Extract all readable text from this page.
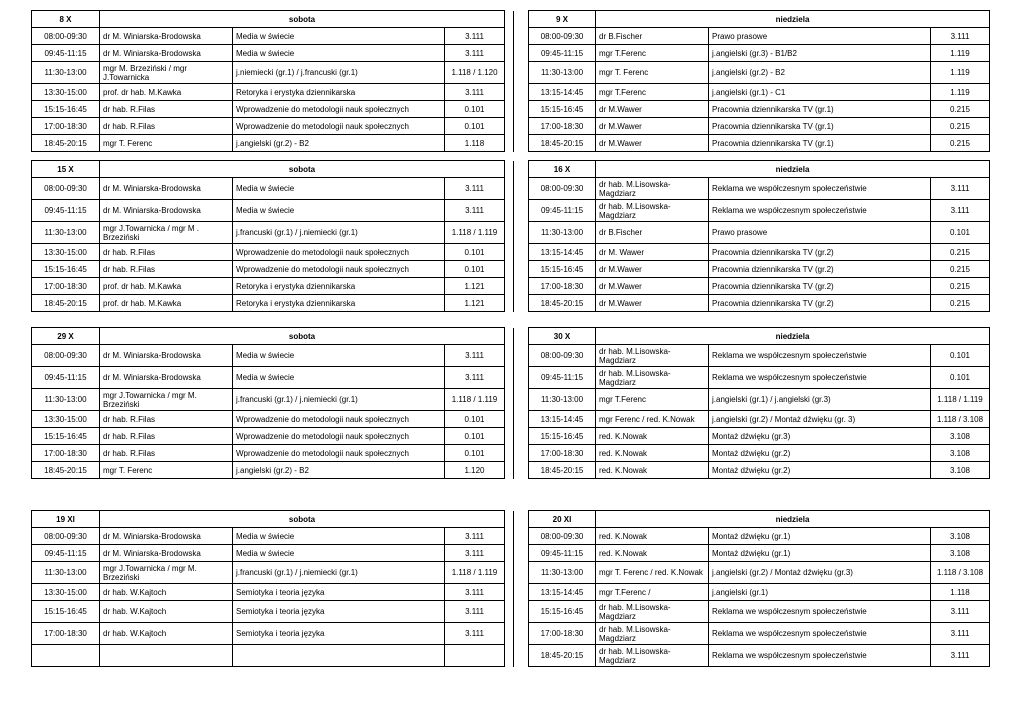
8 X	sobota			
08:00-09:30	dr M. Winiarska-Brodowska	Media w świecie	3.111	
09:45-11:15	dr M. Winiarska-Brodowska	Media w świecie	3.111	
11:30-13:00	mgr M. Brzeziński / mgr J.Towarnicka	j.niemiecki (gr.1) / j.francuski (gr.1)	1.118 / 1.120	
13:30-15:00	prof. dr hab. M.Kawka	Retoryka i erystyka dziennikarska	3.111	
15:15-16:45	dr hab. R.Filas	Wprowadzenie do metodologii nauk społecznych	0.101	
17:00-18:30	dr hab. R.Filas	Wprowadzenie do metodologii nauk społecznych	0.101	
18:45-20:15	mgr T. Ferenc	j.angielski (gr.2) - B2	1.118	
9 X	niedziela		
08:00-09:30	dr B.Fischer	Prawo prasowe	3.111
09:45-11:15	mgr T.Ferenc	j.angielski (gr.3) - B1/B2	1.119
11:30-13:00	mgr T. Ferenc	j.angielski (gr.2) - B2	1.119
13:15-14:45	mgr T.Ferenc	j.angielski (gr.1) - C1	1.119
15:15-16:45	dr M.Wawer	Pracownia dziennikarska TV (gr.1)	0.215
17:00-18:30	dr M.Wawer	Pracownia dziennikarska TV (gr.1)	0.215
18:45-20:15	dr M.Wawer	Pracownia dziennikarska TV (gr.1)	0.215
15 X	sobota			
08:00-09:30	dr M. Winiarska-Brodowska	Media w świecie	3.111	
09:45-11:15	dr M. Winiarska-Brodowska	Media w świecie	3.111	
11:30-13:00	mgr J.Towarnicka / mgr M . Brzeziński	j.francuski (gr.1) / j.niemiecki (gr.1)	1.118 / 1.119	
13:30-15:00	dr hab. R.Filas	Wprowadzenie do metodologii nauk społecznych	0.101	
15:15-16:45	dr hab. R.Filas	Wprowadzenie do metodologii nauk społecznych	0.101	
17:00-18:30	prof. dr hab. M.Kawka	Retoryka i erystyka dziennikarska	1.121	
18:45-20:15	prof. dr hab. M.Kawka	Retoryka i erystyka dziennikarska	1.121	
16 X	niedziela		
08:00-09:30	dr hab. M.Lisowska-Magdziarz	Reklama we współczesnym społeczeństwie	3.111
09:45-11:15	dr hab. M.Lisowska-Magdziarz	Reklama we współczesnym społeczeństwie	3.111
11:30-13:00	dr B.Fischer	Prawo prasowe	0.101
13:15-14:45	dr M. Wawer	Pracownia dziennikarska TV (gr.2)	0.215
15:15-16:45	dr M.Wawer	Pracownia dziennikarska TV (gr.2)	0.215
17:00-18:30	dr M.Wawer	Pracownia dziennikarska TV (gr.2)	0.215
18:45-20:15	dr M.Wawer	Pracownia dziennikarska TV (gr.2)	0.215
29 X	sobota			
08:00-09:30	dr M. Winiarska-Brodowska	Media w świecie	3.111	
09:45-11:15	dr M. Winiarska-Brodowska	Media w świecie	3.111	
11:30-13:00	mgr J.Towarnicka / mgr M. Brzeziński	j.francuski (gr.1) / j.niemiecki (gr.1)	1.118 / 1.119	
13:30-15:00	dr hab. R.Filas	Wprowadzenie do metodologii nauk społecznych	0.101	
15:15-16:45	dr hab. R.Filas	Wprowadzenie do metodologii nauk społecznych	0.101	
17:00-18:30	dr hab. R.Filas	Wprowadzenie do metodologii nauk społecznych	0.101	
18:45-20:15	mgr T. Ferenc	j.angielski (gr.2) - B2	1.120	
30 X	niedziela		
08:00-09:30	dr hab. M.Lisowska-Magdziarz	Reklama we współczesnym społeczeństwie	0.101
09:45-11:15	dr hab. M.Lisowska-Magdziarz	Reklama we współczesnym społeczeństwie	0.101
11:30-13:00	mgr T.Ferenc	j.angielski (gr.1) / j.angielski (gr.3)	1.118 / 1.119
13:15-14:45	mgr Ferenc / red. K.Nowak	j.angielski (gr.2) / Montaż dźwięku (gr. 3)	1.118 / 3.108
15:15-16:45	red. K.Nowak	Montaż dźwięku (gr.3)	3.108
17:00-18:30	red. K.Nowak	Montaż dźwięku (gr.2)	3.108
18:45-20:15	red. K.Nowak	Montaż dźwięku (gr.2)	3.108
19 XI	sobota			
08:00-09:30	dr M. Winiarska-Brodowska	Media w świecie	3.111	
09:45-11:15	dr M. Winiarska-Brodowska	Media w świecie	3.111	
11:30-13:00	mgr J.Towarnicka / mgr M. Brzeziński	j.francuski (gr.1) / j.niemiecki (gr.1)	1.118 / 1.119	
13:30-15:00	dr hab. W.Kajtoch	Semiotyka i teoria języka	3.111	
15:15-16:45	dr hab. W.Kajtoch	Semiotyka i teoria języka	3.111	
17:00-18:30	dr hab. W.Kajtoch	Semiotyka i teoria języka	3.111	

20 XI	niedziela		
08:00-09:30	red. K.Nowak	Montaż dźwięku (gr.1)	3.108
09:45-11:15	red. K.Nowak	Montaż dźwięku (gr.1)	3.108
11:30-13:00	mgr T. Ferenc / red. K.Nowak	j.angielski (gr.2) / Montaż dźwięku (gr.3)	1.118 / 3.108
13:15-14:45	mgr T.Ferenc /	j.angielski (gr.1)	1.118
15:15-16:45	dr hab. M.Lisowska-Magdziarz	Reklama we współczesnym społeczeństwie	3.111
17:00-18:30	dr hab. M.Lisowska-Magdziarz	Reklama we współczesnym społeczeństwie	3.111
18:45-20:15	dr hab. M.Lisowska-Magdziarz	Reklama we współczesnym społeczeństwie	3.111
